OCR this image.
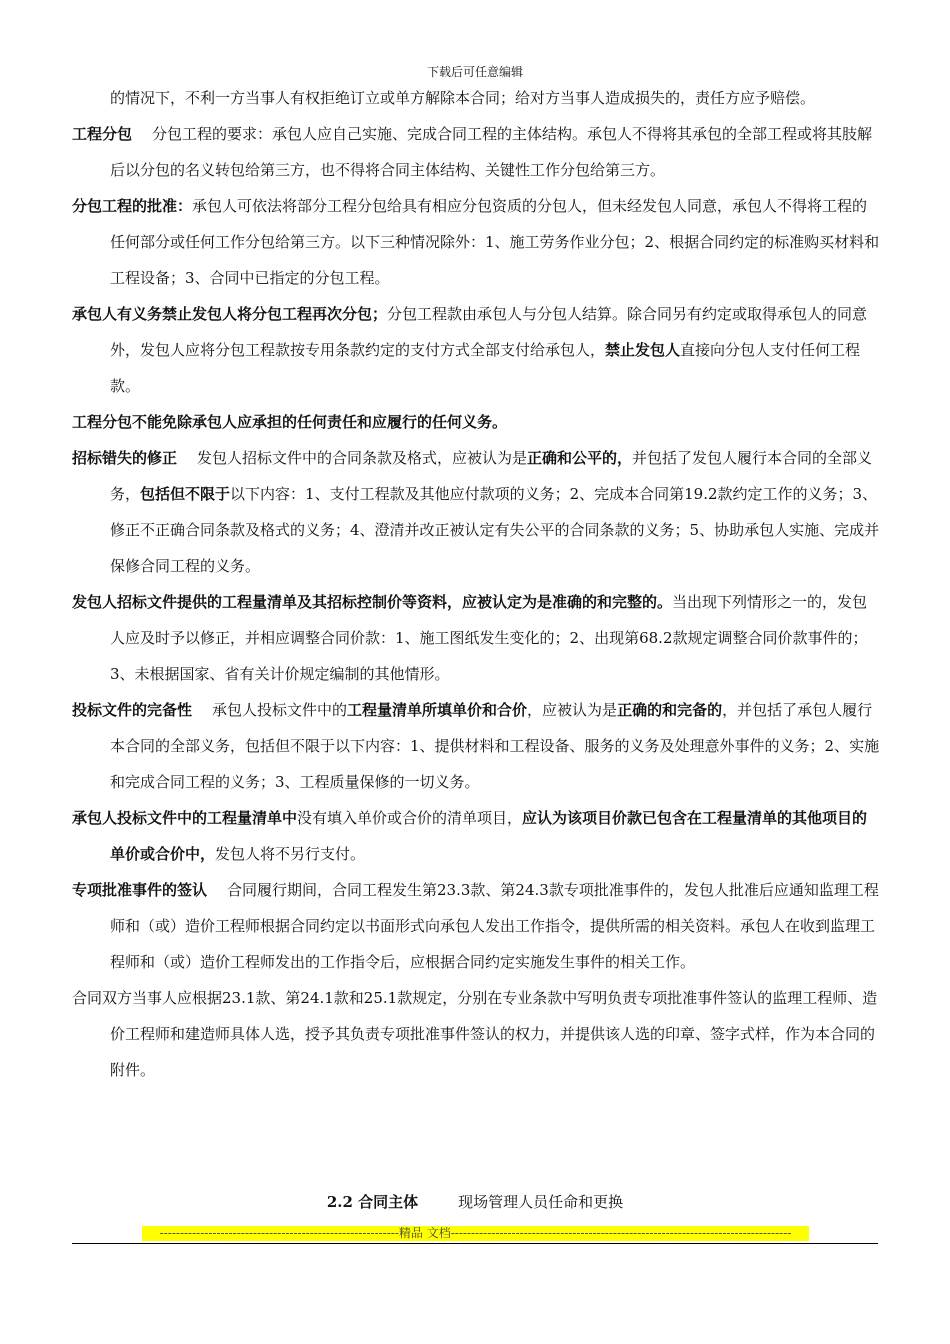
下载后可任意编辑

的情况下，不利一方当事人有权拒绝订立或单方解除本合同；给对方当事人造成损失的，责任方应予赔偿。

工程分包 分包工程的要求：承包人应自己实施、完成合同工程的主体结构。承包人不得将其承包的全部工程或将其肢解后以分包的名义转包给第三方，也不得将合同主体结构、关键性工作分包给第三方。

分包工程的批准：承包人可依法将部分工程分包给具有相应分包资质的分包人，但未经发包人同意，承包人不得将工程的任何部分或任何工作分包给第三方。以下三种情况除外：1、施工劳务作业分包；2、根据合同约定的标准购买材料和工程设备；3、合同中已指定的分包工程。

承包人有义务禁止发包人将分包工程再次分包；分包工程款由承包人与分包人结算。除合同另有约定或取得承包人的同意外，发包人应将分包工程款按专用条款约定的支付方式全部支付给承包人，禁止发包人直接向分包人支付任何工程款。

工程分包不能免除承包人应承担的任何责任和应履行的任何义务。

招标错失的修正 发包人招标文件中的合同条款及格式，应被认为是正确和公平的，并包括了发包人履行本合同的全部义务，包括但不限于以下内容：1、支付工程款及其他应付款项的义务；2、完成本合同第19.2款约定工作的义务；3、修正不正确合同条款及格式的义务；4、澄清并改正被认定有失公平的合同条款的义务；5、协助承包人实施、完成并保修合同工程的义务。

发包人招标文件提供的工程量清单及其招标控制价等资料，应被认定为是准确的和完整的。当出现下列情形之一的，发包人应及时予以修正，并相应调整合同价款：1、施工图纸发生变化的；2、出现第68.2款规定调整合同价款事件的；3、未根据国家、省有关计价规定编制的其他情形。

投标文件的完备性 承包人投标文件中的工程量清单所填单价和合价，应被认为是正确的和完备的，并包括了承包人履行本合同的全部义务，包括但不限于以下内容：1、提供材料和工程设备、服务的义务及处理意外事件的义务；2、实施和完成合同工程的义务；3、工程质量保修的一切义务。

承包人投标文件中的工程量清单中没有填入单价或合价的清单项目，应认为该项目价款已包含在工程量清单的其他项目的单价或合价中，发包人将不另行支付。

专项批准事件的签认 合同履行期间，合同工程发生第23.3款、第24.3款专项批准事件的，发包人批准后应通知监理工程师和（或）造价工程师根据合同约定以书面形式向承包人发出工作指令，提供所需的相关资料。承包人在收到监理工程师和（或）造价工程师发出的工作指令后，应根据合同约定实施发生事件的相关工作。

合同双方当事人应根据23.1款、第24.1款和25.1款规定，分别在专业条款中写明负责专项批准事件签认的监理工程师、造价工程师和建造师具体人选，授予其负责专项批准事件签认的权力，并提供该人选的印章、签字式样，作为本合同的附件。

2.2 合同主体	现场管理人员任命和更换
-----------------------------------------------------------精品 文档------------------------------------------------------------------------------------
